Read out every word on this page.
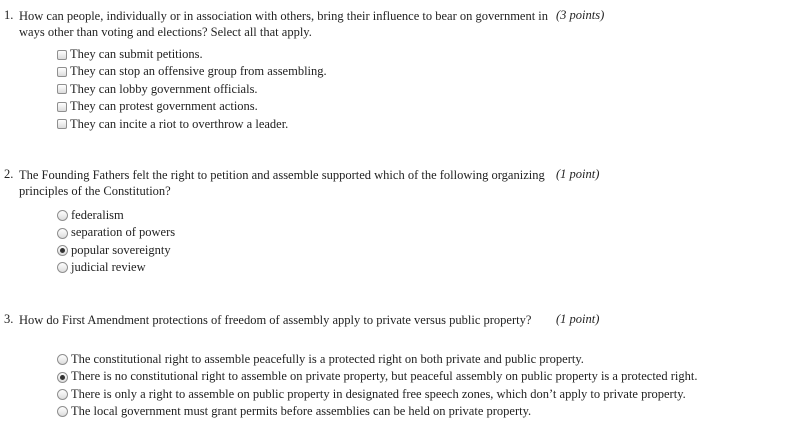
1. How can people, individually or in association with others, bring their influence to bear on government in ways other than voting and elections? Select all that apply.
(3 points)
They can submit petitions.
They can stop an offensive group from assembling.
They can lobby government officials.
They can protest government actions.
They can incite a riot to overthrow a leader.
2. The Founding Fathers felt the right to petition and assemble supported which of the following organizing principles of the Constitution?
(1 point)
federalism
separation of powers
popular sovereignty
judicial review
3. How do First Amendment protections of freedom of assembly apply to private versus public property?	(1 point)
The constitutional right to assemble peacefully is a protected right on both private and public property.
There is no constitutional right to assemble on private property, but peaceful assembly on public property is a protected right.
There is only a right to assemble on public property in designated free speech zones, which don’t apply to private property.
The local government must grant permits before assemblies can be held on private property.
